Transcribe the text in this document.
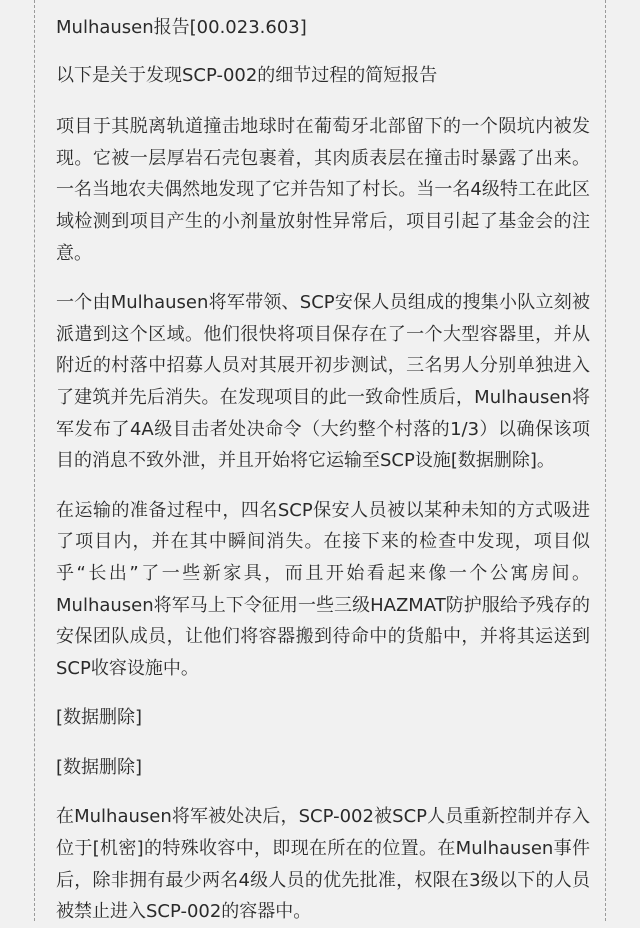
Mulhausen报告[00.023.603]

以下是关于发现SCP-002的细节过程的简短报告

项目于其脱离轨道撞击地球时在葡萄牙北部留下的一个陨坑内被发现。它被一层厚岩石壳包裹着，其肉质表层在撞击时暴露了出来。一名当地农夫偶然地发现了它并告知了村长。当一名4级特工在此区域检测到项目产生的小剂量放射性异常后，项目引起了基金会的注意。

一个由Mulhausen将军带领、SCP安保人员组成的搜集小队立刻被派遣到这个区域。他们很快将项目保存在了一个大型容器里，并从附近的村落中招募人员对其展开初步测试，三名男人分别单独进入了建筑并先后消失。在发现项目的此一致命性质后，Mulhausen将军发布了4A级目击者处决命令（大约整个村落的1/3）以确保该项目的消息不致外泄，并且开始将它运输至SCP设施[数据删除]。

在运输的准备过程中，四名SCP保安人员被以某种未知的方式吸进了项目内，并在其中瞬间消失。在接下来的检查中发现，项目似乎“长出”了一些新家具，而且开始看起来像一个公寓房间。Mulhausen将军马上下令征用一些三级HAZMAT防护服给予残存的安保团队成员，让他们将容器搬到待命中的货船中，并将其运送到SCP收容设施中。

[数据删除]

[数据删除]

在Mulhausen将军被处决后，SCP-002被SCP人员重新控制并存入位于[机密]的特殊收容中，即现在所在的位置。在Mulhausen事件后，除非拥有最少两名4级人员的优先批准，权限在3级以下的人员被禁止进入SCP-002的容器中。
